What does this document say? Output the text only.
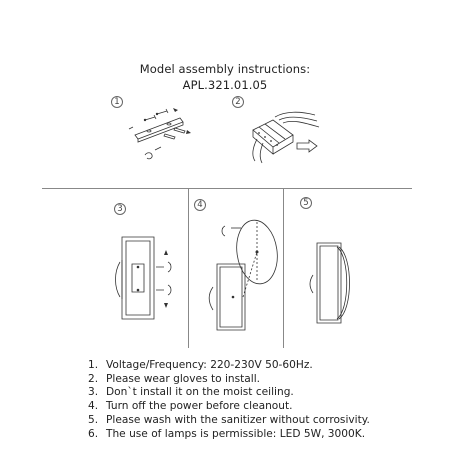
Model assembly instructions:
APL.321.01.05
1	2
3	4	5
1. Voltage/Frequency: 220-230V 50-60Hz.
2. Please wear gloves to install.
3. Don`t install it on the moist ceiling.
4. Turn off the power before cleanout.
5. Please wash with the sanitizer without corrosivity.
6. The use of lamps is permissible: LED 5W, 3000K.
